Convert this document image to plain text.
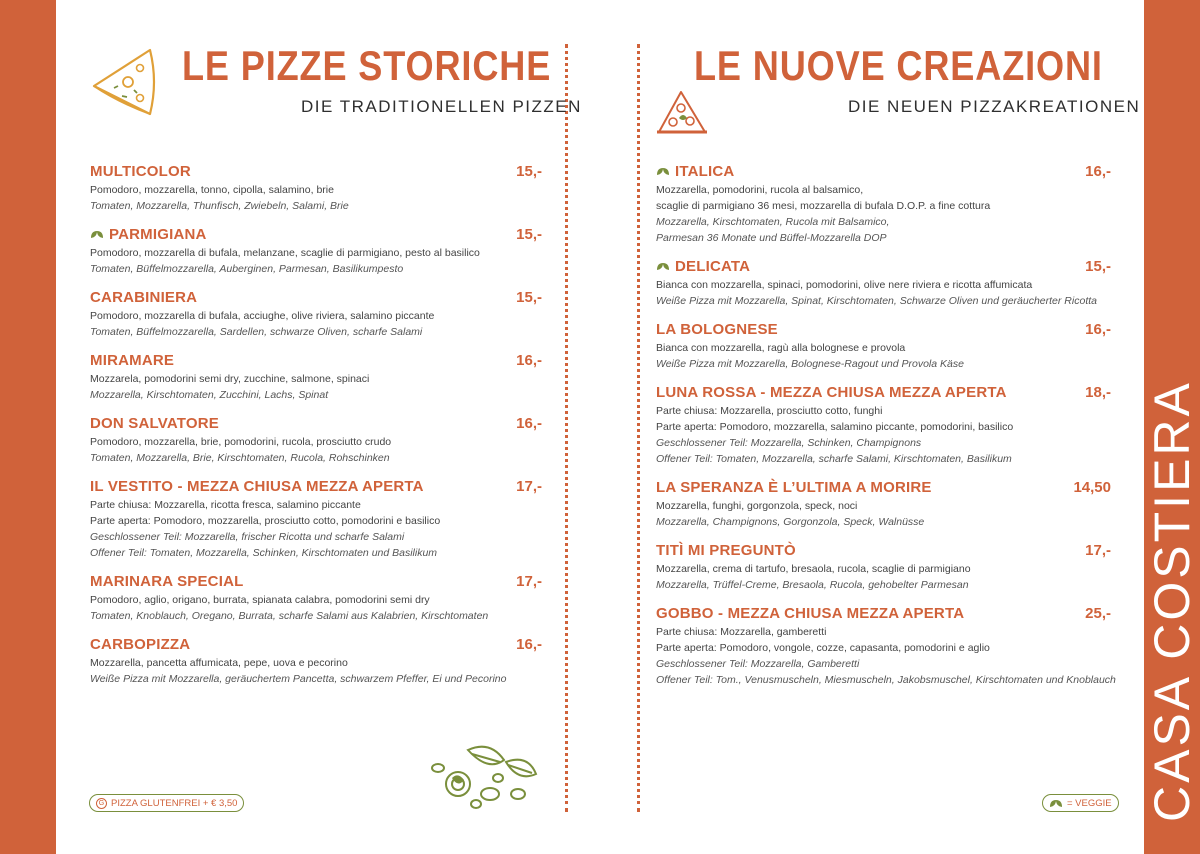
CASA COSTIERA
LE PIZZE STORICHE
DIE TRADITIONELLEN PIZZEN
LE NUOVE CREAZIONI
DIE NEUEN PIZZAKREATIONEN
MULTICOLOR	15,-
Pomodoro, mozzarella, tonno, cipolla, salamino, brie
Tomaten, Mozzarella, Thunfisch, Zwiebeln, Salami, Brie
PARMIGIANA	15,-
Pomodoro, mozzarella di bufala, melanzane, scaglie di parmigiano, pesto al basilico
Tomaten, Büffelmozzarella, Auberginen, Parmesan, Basilikumpesto
CARABINIERA	15,-
Pomodoro, mozzarella di bufala, acciughe, olive riviera, salamino piccante
Tomaten, Büffelmozzarella, Sardellen, schwarze Oliven, scharfe Salami
MIRAMARE	16,-
Mozzarela, pomodorini semi dry, zucchine, salmone, spinaci
Mozzarella, Kirschtomaten, Zucchini, Lachs, Spinat
DON SALVATORE	16,-
Pomodoro, mozzarella, brie, pomodorini, rucola, prosciutto crudo
Tomaten, Mozzarella, Brie, Kirschtomaten, Rucola, Rohschinken
IL VESTITO - MEZZA CHIUSA MEZZA APERTA	17,-
Parte chiusa: Mozzarella, ricotta fresca, salamino piccante
Parte aperta: Pomodoro, mozzarella, prosciutto cotto, pomodorini e basilico
Geschlossener Teil: Mozzarella, frischer Ricotta und scharfe Salami
Offener Teil: Tomaten, Mozzarella, Schinken, Kirschtomaten und Basilikum
MARINARA SPECIAL	17,-
Pomodoro, aglio, origano, burrata, spianata calabra, pomodorini semi dry
Tomaten, Knoblauch, Oregano, Burrata, scharfe Salami aus Kalabrien, Kirschtomaten
CARBOPIZZA	16,-
Mozzarella, pancetta affumicata, pepe, uova e pecorino
Weiße Pizza mit Mozzarella, geräuchertem Pancetta, schwarzem Pfeffer, Ei und Pecorino
ITALICA	16,-
Mozzarella, pomodorini, rucola al balsamico,
scaglie di parmigiano 36 mesi, mozzarella di bufala D.O.P. a fine cottura
Mozzarella, Kirschtomaten, Rucola mit Balsamico,
Parmesan 36 Monate und Büffel-Mozzarella DOP
DELICATA	15,-
Bianca con mozzarella, spinaci, pomodorini, olive nere riviera e ricotta affumicata
Weiße Pizza mit Mozzarella, Spinat, Kirschtomaten, Schwarze Oliven und geräucherter Ricotta
LA BOLOGNESE	16,-
Bianca con mozzarella, ragù alla bolognese e provola
Weiße Pizza mit Mozzarella, Bolognese-Ragout und Provola Käse
LUNA ROSSA - MEZZA CHIUSA MEZZA APERTA	18,-
Parte chiusa: Mozzarella, prosciutto cotto, funghi
Parte aperta: Pomodoro, mozzarella, salamino piccante, pomodorini, basilico
Geschlossener Teil: Mozzarella, Schinken, Champignons
Offener Teil: Tomaten, Mozzarella, scharfe Salami, Kirschtomaten, Basilikum
LA SPERANZA È L’ULTIMA A MORIRE	14,50
Mozzarella, funghi, gorgonzola, speck, noci
Mozzarella, Champignons, Gorgonzola, Speck, Walnüsse
TITÌ MI PREGUNTÒ	17,-
Mozzarella, crema di tartufo, bresaola, rucola, scaglie di parmigiano
Mozzarella, Trüffel-Creme, Bresaola, Rucola, gehobelter Parmesan
GOBBO - MEZZA CHIUSA MEZZA APERTA	25,-
Parte chiusa: Mozzarella, gamberetti
Parte aperta: Pomodoro, vongole, cozze, capasanta, pomodorini e aglio
Geschlossener Teil: Mozzarella, Gamberetti
Offener Teil: Tom., Venusmuscheln, Miesmuscheln, Jakobsmuschel, Kirschtomaten und Knoblauch
G PIZZA GLUTENFREI + € 3,50	= VEGGIE
